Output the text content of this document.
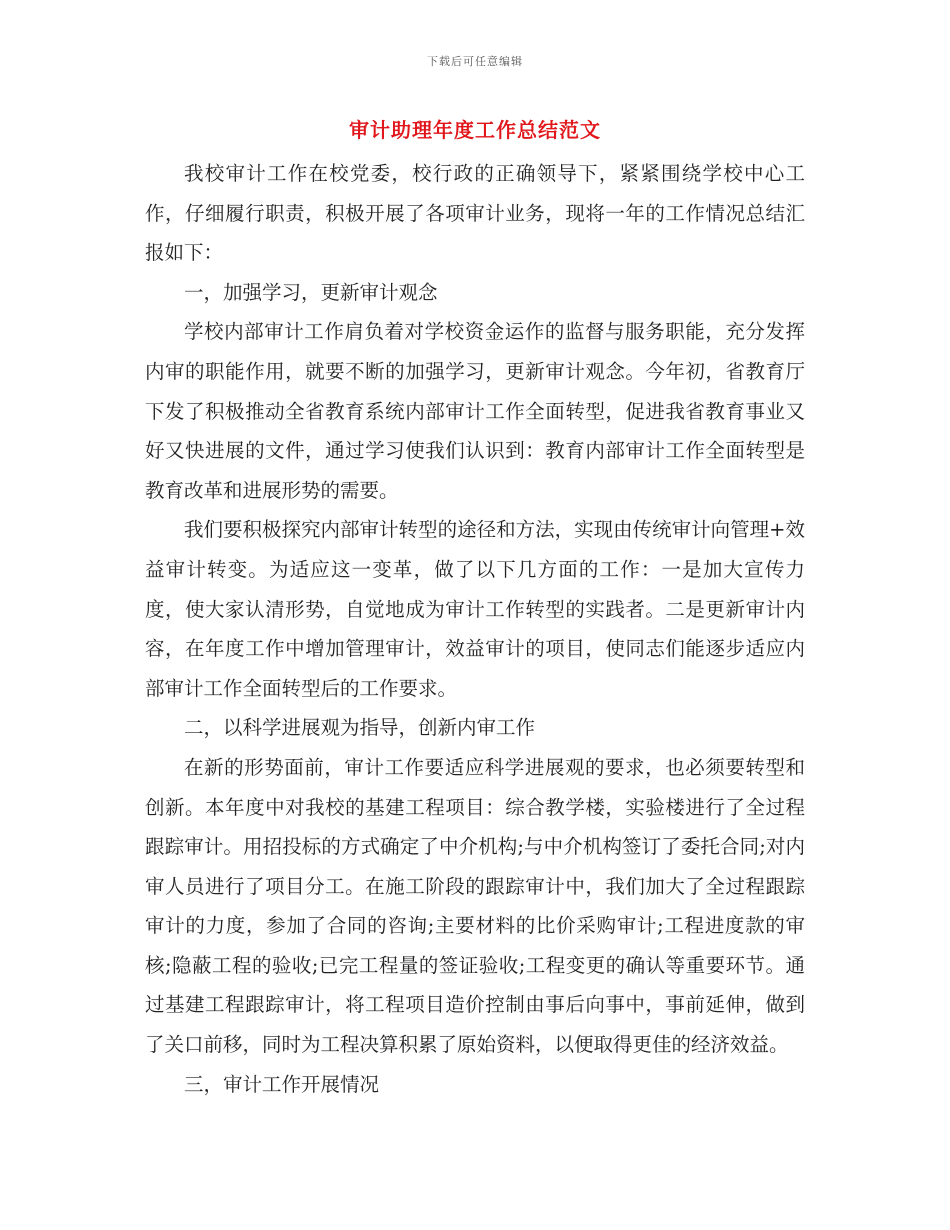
下载后可任意编辑
审计助理年度工作总结范文

我校审计工作在校党委，校行政的正确领导下，紧紧围绕学校中心工作，仔细履行职责，积极开展了各项审计业务，现将一年的工作情况总结汇报如下：

一，加强学习，更新审计观念

学校内部审计工作肩负着对学校资金运作的监督与服务职能，充分发挥内审的职能作用，就要不断的加强学习，更新审计观念。今年初，省教育厅下发了积极推动全省教育系统内部审计工作全面转型，促进我省教育事业又好又快进展的文件，通过学习使我们认识到：教育内部审计工作全面转型是教育改革和进展形势的需要。

我们要积极探究内部审计转型的途径和方法，实现由传统审计向管理+效益审计转变。为适应这一变革，做了以下几方面的工作：一是加大宣传力度，使大家认清形势，自觉地成为审计工作转型的实践者。二是更新审计内容，在年度工作中增加管理审计，效益审计的项目，使同志们能逐步适应内部审计工作全面转型后的工作要求。

二，以科学进展观为指导，创新内审工作

在新的形势面前，审计工作要适应科学进展观的要求，也必须要转型和创新。本年度中对我校的基建工程项目：综合教学楼，实验楼进行了全过程跟踪审计。用招投标的方式确定了中介机构;与中介机构签订了委托合同;对内审人员进行了项目分工。在施工阶段的跟踪审计中，我们加大了全过程跟踪审计的力度，参加了合同的咨询;主要材料的比价采购审计;工程进度款的审核;隐蔽工程的验收;已完工程量的签证验收;工程变更的确认等重要环节。通过基建工程跟踪审计，将工程项目造价控制由事后向事中，事前延伸，做到了关口前移，同时为工程决算积累了原始资料，以便取得更佳的经济效益。

三，审计工作开展情况
